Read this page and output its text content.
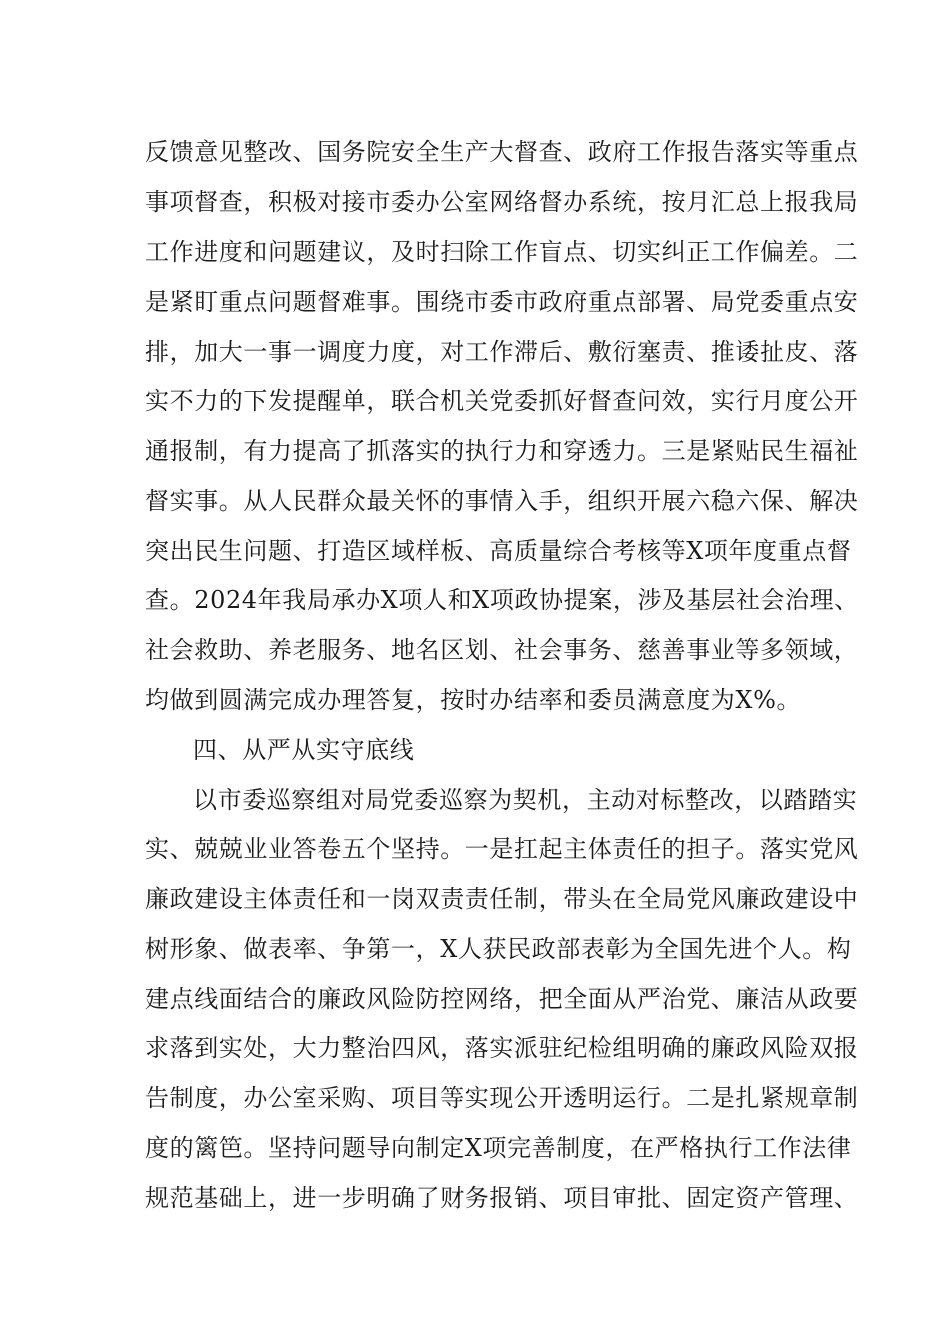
反馈意见整改、国务院安全生产大督查、政府工作报告落实等重点
事项督查，积极对接市委办公室网络督办系统，按月汇总上报我局
工作进度和问题建议，及时扫除工作盲点、切实纠正工作偏差。二
是紧盯重点问题督难事。围绕市委市政府重点部署、局党委重点安
排，加大一事一调度力度，对工作滞后、敷衍塞责、推诿扯皮、落
实不力的下发提醒单，联合机关党委抓好督查问效，实行月度公开
通报制，有力提高了抓落实的执行力和穿透力。三是紧贴民生福祉
督实事。从人民群众最关怀的事情入手，组织开展六稳六保、解决
突出民生问题、打造区域样板、高质量综合考核等X项年度重点督
查。2024年我局承办X项人和X项政协提案，涉及基层社会治理、
社会救助、养老服务、地名区划、社会事务、慈善事业等多领域，
均做到圆满完成办理答复，按时办结率和委员满意度为X%。
四、从严从实守底线
以市委巡察组对局党委巡察为契机，主动对标整改，以踏踏实
实、兢兢业业答卷五个坚持。一是扛起主体责任的担子。落实党风
廉政建设主体责任和一岗双责责任制，带头在全局党风廉政建设中
树形象、做表率、争第一，X人获民政部表彰为全国先进个人。构
建点线面结合的廉政风险防控网络，把全面从严治党、廉洁从政要
求落到实处，大力整治四风，落实派驻纪检组明确的廉政风险双报
告制度，办公室采购、项目等实现公开透明运行。二是扎紧规章制
度的篱笆。坚持问题导向制定X项完善制度，在严格执行工作法律
规范基础上，进一步明确了财务报销、项目审批、固定资产管理、
